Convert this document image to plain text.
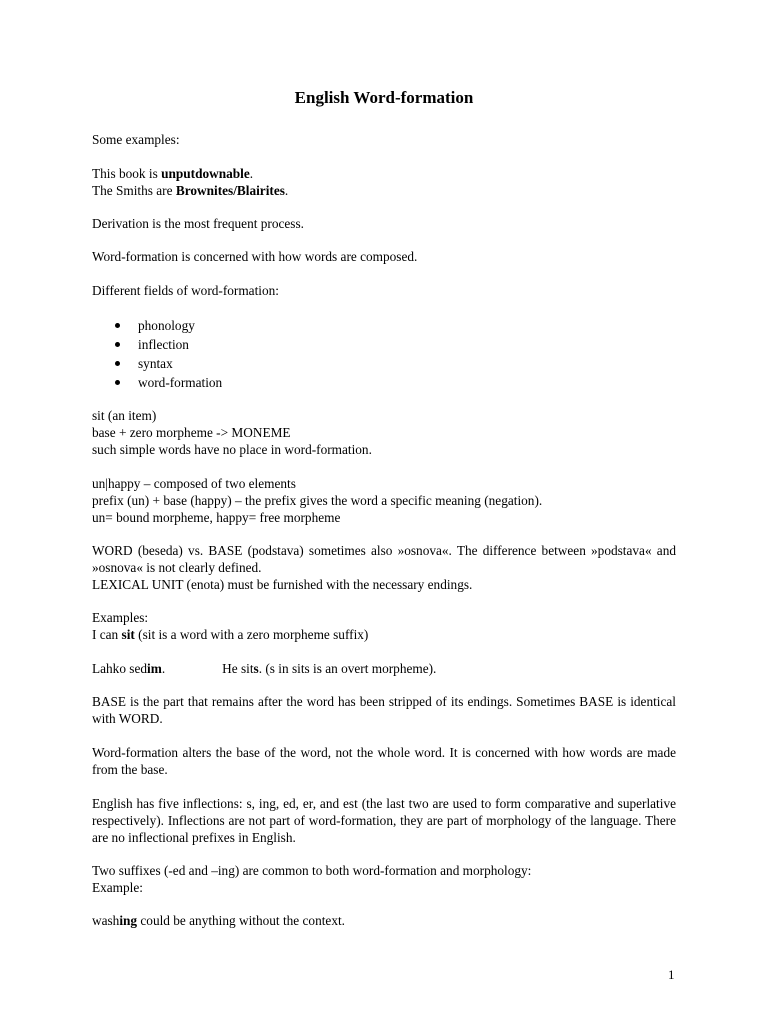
English Word-formation
Some examples:
This book is unputdownable.
The Smiths are Brownites/Blairites.
Derivation is the most frequent process.
Word-formation is concerned with how words are composed.
Different fields of word-formation:
phonology
inflection
syntax
word-formation
sit (an item)
base + zero morpheme -> MONEME
such simple words have no place in word-formation.
un|happy – composed of two elements
prefix (un) + base (happy) – the prefix gives the word a specific meaning (negation).
un= bound morpheme, happy= free morpheme
WORD (beseda) vs. BASE (podstava) sometimes also »osnova«. The difference between »podstava« and »osnova« is not clearly defined.
LEXICAL UNIT (enota) must be furnished with the necessary endings.
Examples:
I can sit (sit is a word with a zero morpheme suffix)
Lahko sedim.	He sits. (s in sits is an overt morpheme).
BASE is the part that remains after the word has been stripped of its endings. Sometimes BASE is identical with WORD.
Word-formation alters the base of the word, not the whole word. It is concerned with how words are made from the base.
English has five inflections: s, ing, ed, er, and est (the last two are used to form comparative and superlative respectively). Inflections are not part of word-formation, they are part of morphology of the language. There are no inflectional prefixes in English.
Two suffixes (-ed and –ing) are common to both word-formation and morphology:
Example:
washing could be anything without the context.
1
